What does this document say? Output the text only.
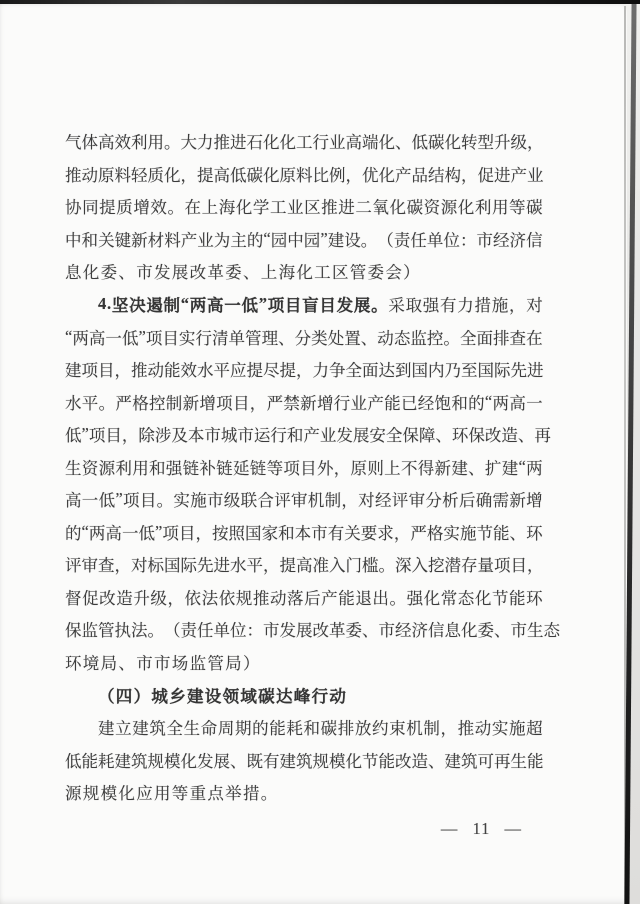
气 体 高 效 利 用 。 大 力 推 进 石 化 化 工 行 业 高 端 化 、 低 碳 化 转 型 升 级 ，
推 动 原 料 轻 质 化 ， 提 高 低 碳 化 原 料 比 例 ， 优 化 产 品 结 构 ， 促 进 产 业
协 同 提 质 增 效 。 在 上 海 化 学 工 业 区 推 进 二 氧 化 碳 资 源 化 利 用 等 碳
中 和 关 键 新 材 料 产 业 为 主 的 “ 园 中 园 ” 建 设 。 （ 责 任 单 位 ： 市 经 济 信
息 化 委 、 市 发 展 改 革 委 、 上 海 化 工 区 管 委 会 ）
4 . 坚 决 遏 制 “ 两 高 一 低 ” 项 目 盲 目 发 展 。 采 取 强 有 力 措 施 ， 对
“ 两 高 一 低 ” 项 目 实 行 清 单 管 理 、 分 类 处 置 、 动 态 监 控 。 全 面 排 查 在
建 项 目 ， 推 动 能 效 水 平 应 提 尽 提 ， 力 争 全 面 达 到 国 内 乃 至 国 际 先 进
水 平 。 严 格 控 制 新 增 项 目 ， 严 禁 新 增 行 业 产 能 已 经 饱 和 的 “ 两 高 一
低 ” 项 目 ， 除 涉 及 本 市 城 市 运 行 和 产 业 发 展 安 全 保 障 、 环 保 改 造 、 再
生 资 源 利 用 和 强 链 补 链 延 链 等 项 目 外 ， 原 则 上 不 得 新 建 、 扩 建 “ 两
高 一 低 ” 项 目 。 实 施 市 级 联 合 评 审 机 制 ， 对 经 评 审 分 析 后 确 需 新 增
的 “ 两 高 一 低 ” 项 目 ， 按 照 国 家 和 本 市 有 关 要 求 ， 严 格 实 施 节 能 、 环
评 审 查 ， 对 标 国 际 先 进 水 平 ， 提 高 准 入 门 槛 。 深 入 挖 潜 存 量 项 目 ，
督 促 改 造 升 级 ， 依 法 依 规 推 动 落 后 产 能 退 出 。 强 化 常 态 化 节 能 环
保 监 管 执 法 。 （ 责 任 单 位 ： 市 发 展 改 革 委 、 市 经 济 信 息 化 委 、 市 生 态
环 境 局 、 市 市 场 监 管 局 ）
（ 四 ） 城 乡 建 设 领 域 碳 达 峰 行 动
建 立 建 筑 全 生 命 周 期 的 能 耗 和 碳 排 放 约 束 机 制 ， 推 动 实 施 超
低 能 耗 建 筑 规 模 化 发 展 、 既 有 建 筑 规 模 化 节 能 改 造 、 建 筑 可 再 生 能
源 规 模 化 应 用 等 重 点 举 措 。
— 11 —
